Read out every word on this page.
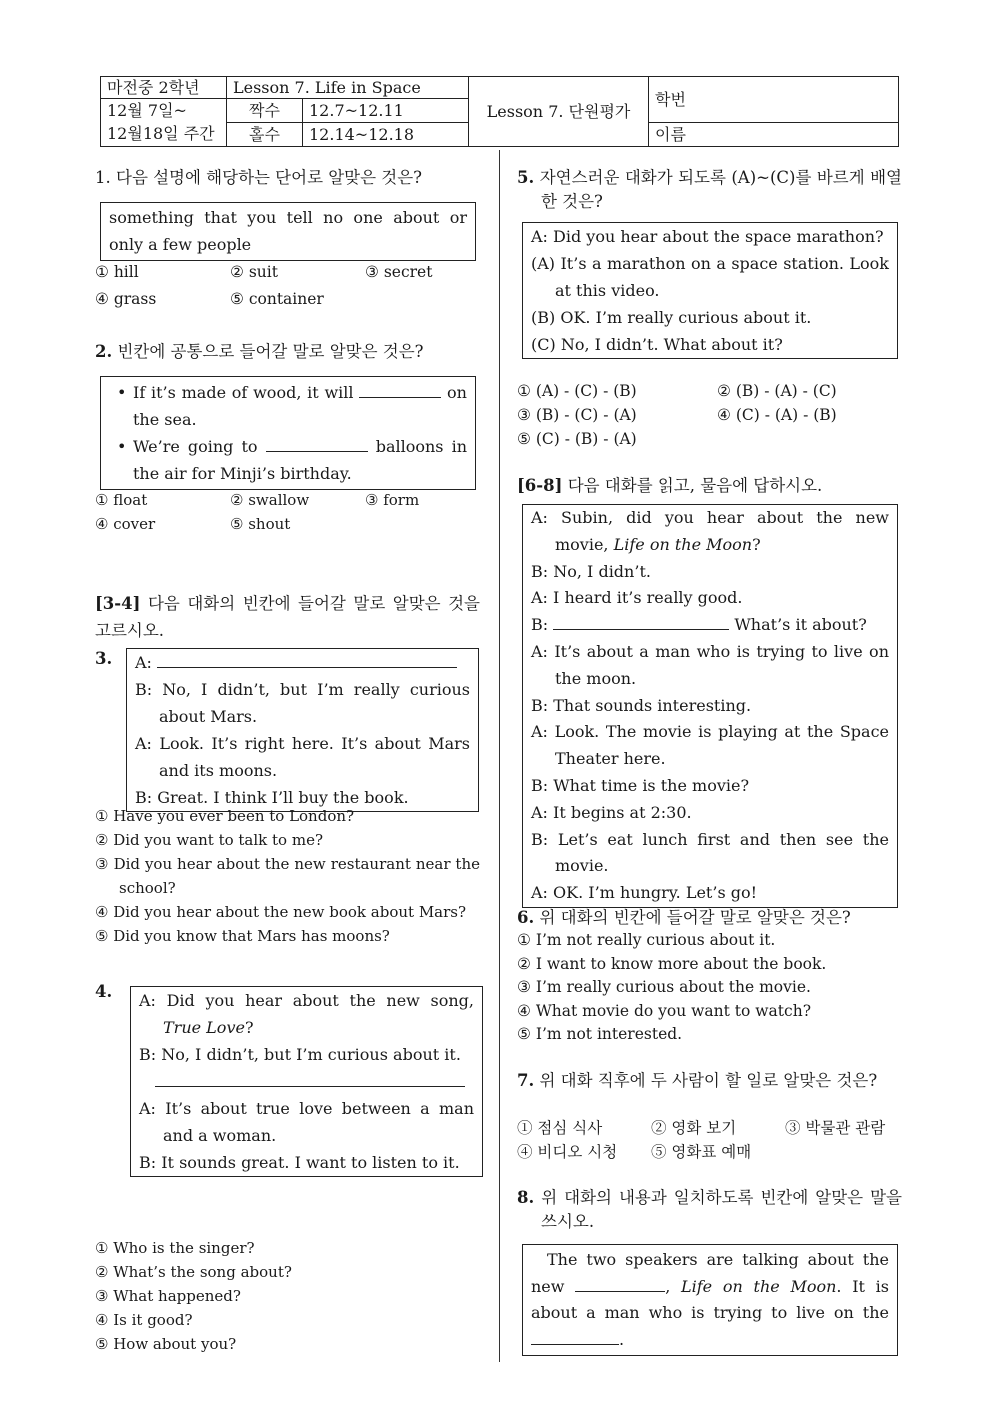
마전중 2학년	Lesson 7. Life in Space		Lesson 7. 단원평가	학번

12월 7일~
12월18일 주간	짝수	12.7~12.11		
	홀수	12.14~12.18		이름

1. 다음 설명에 해당하는 단어로 알맞은 것은?

something that you tell no one about or only a few people
① hill	② suit	③ secret
④ grass	⑤ container

2. 빈칸에 공통으로 들어갈 말로 알맞은 것은?

• If it’s made of wood, it will	on the sea.
• We’re going to	balloons in the air for Minji’s birthday.
① float	② swallow	③ form
④ cover	⑤ shout

[3-4] 다음 대화의 빈칸에 들어갈 말로 알맞은 것을 고르시오.

3. A:
B: No, I didn’t, but I’m really curious about Mars.
A: Look. It’s right here. It’s about Mars and its moons.
B: Great. I think I’ll buy the book.
① Have you ever been to London?
② Did you want to talk to me?
③ Did you hear about the new restaurant near the school?
④ Did you hear about the new book about Mars?
⑤ Did you know that Mars has moons?
4. A: Did you hear about the new song, True Love?
B: No, I didn’t, but I’m curious about it.
A: It’s about true love between a man and a woman.
B: It sounds great. I want to listen to it.
① Who is the singer?
② What’s the song about?
③ What happened?
④ Is it good?
⑤ How about you?

5. 자연스러운 대화가 되도록 (A)~(C)를 바르게 배열한 것은?

A: Did you hear about the space marathon?
(A) It’s a marathon on a space station. Look at this video.
(B) OK. I’m really curious about it.
(C) No, I didn’t. What about it?
① (A) - (C) - (B)	② (B) - (A) - (C)
③ (B) - (C) - (A)	④ (C) - (A) - (B)
⑤ (C) - (B) - (A)

[6-8] 다음 대화를 읽고, 물음에 답하시오.

A: Subin, did you hear about the new movie, Life on the Moon?
B: No, I didn’t.
A: I heard it’s really good.
B:	What’s it about?
A: It’s about a man who is trying to live on the moon.
B: That sounds interesting.
A: Look. The movie is playing at the Space Theater here.
B: What time is the movie?
A: It begins at 2:30.
B: Let’s eat lunch first and then see the movie.
A: OK. I’m hungry. Let’s go!

6. 위 대화의 빈칸에 들어갈 말로 알맞은 것은?

① I’m not really curious about it.
② I want to know more about the book.
③ I’m really curious about the movie.
④ What movie do you want to watch?
⑤ I’m not interested.

7. 위 대화 직후에 두 사람이 할 일로 알맞은 것은?

① 점심 식사	② 영화 보기	③ 박물관 관람
④ 비디오 시청	⑤ 영화표 예매

8. 위 대화의 내용과 일치하도록 빈칸에 알맞은 말을 쓰시오.

The two speakers are talking about the new	, Life on the Moon. It is about a man who is trying to live on the .
